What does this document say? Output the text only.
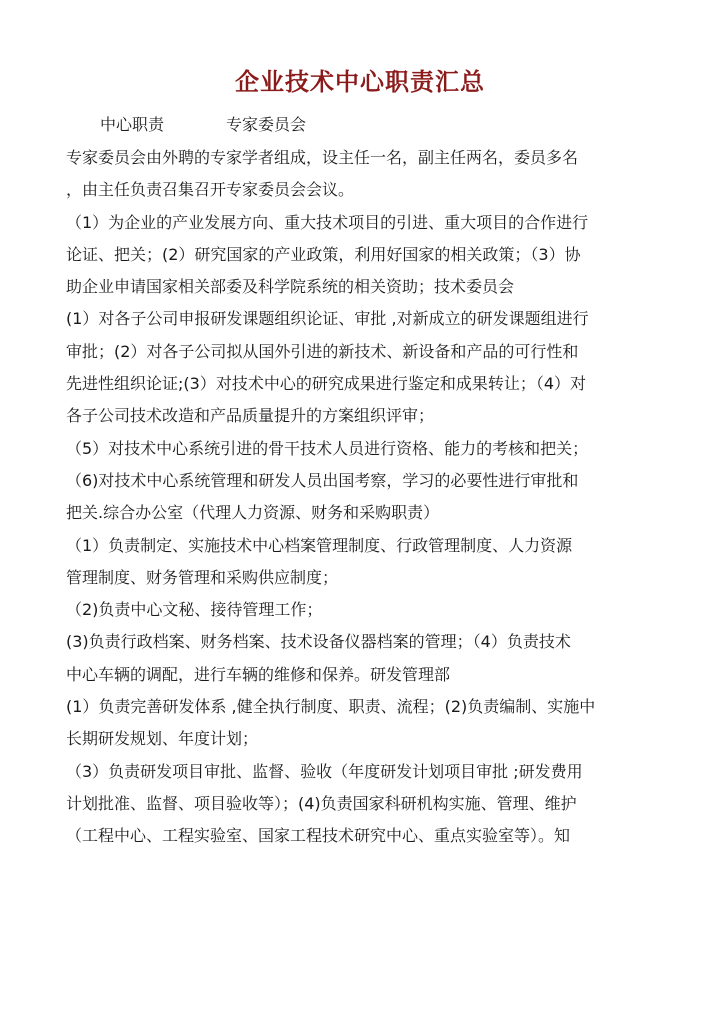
企业技术中心职责汇总
中心职责	专家委员会
专家委员会由外聘的专家学者组成，设主任一名，副主任两名，委员多名
，由主任负责召集召开专家委员会会议。
（1）为企业的产业发展方向、重大技术项目的引进、重大项目的合作进行
论证、把关；(2）研究国家的产业政策，利用好国家的相关政策；（3）协
助企业申请国家相关部委及科学院系统的相关资助；技术委员会
(1）对各子公司申报研发课题组织论证、审批 ,对新成立的研发课题组进行
审批；(2）对各子公司拟从国外引进的新技术、新设备和产品的可行性和
先进性组织论证;(3）对技术中心的研究成果进行鉴定和成果转让；（4）对
各子公司技术改造和产品质量提升的方案组织评审；
（5）对技术中心系统引进的骨干技术人员进行资格、能力的考核和把关；
（6)对技术中心系统管理和研发人员出国考察，学习的必要性进行审批和
把关.综合办公室（代理人力资源、财务和采购职责）
（1）负责制定、实施技术中心档案管理制度、行政管理制度、人力资源
管理制度、财务管理和采购供应制度；
（2)负责中心文秘、接待管理工作；
(3)负责行政档案、财务档案、技术设备仪器档案的管理；（4）负责技术
中心车辆的调配，进行车辆的维修和保养。研发管理部
(1）负责完善研发体系 ,健全执行制度、职责、流程；(2)负责编制、实施中
长期研发规划、年度计划；
（3）负责研发项目审批、监督、验收（年度研发计划项目审批 ;研发费用
计划批准、监督、项目验收等）；(4)负责国家科研机构实施、管理、维护
（工程中心、工程实验室、国家工程技术研究中心、重点实验室等）。知
